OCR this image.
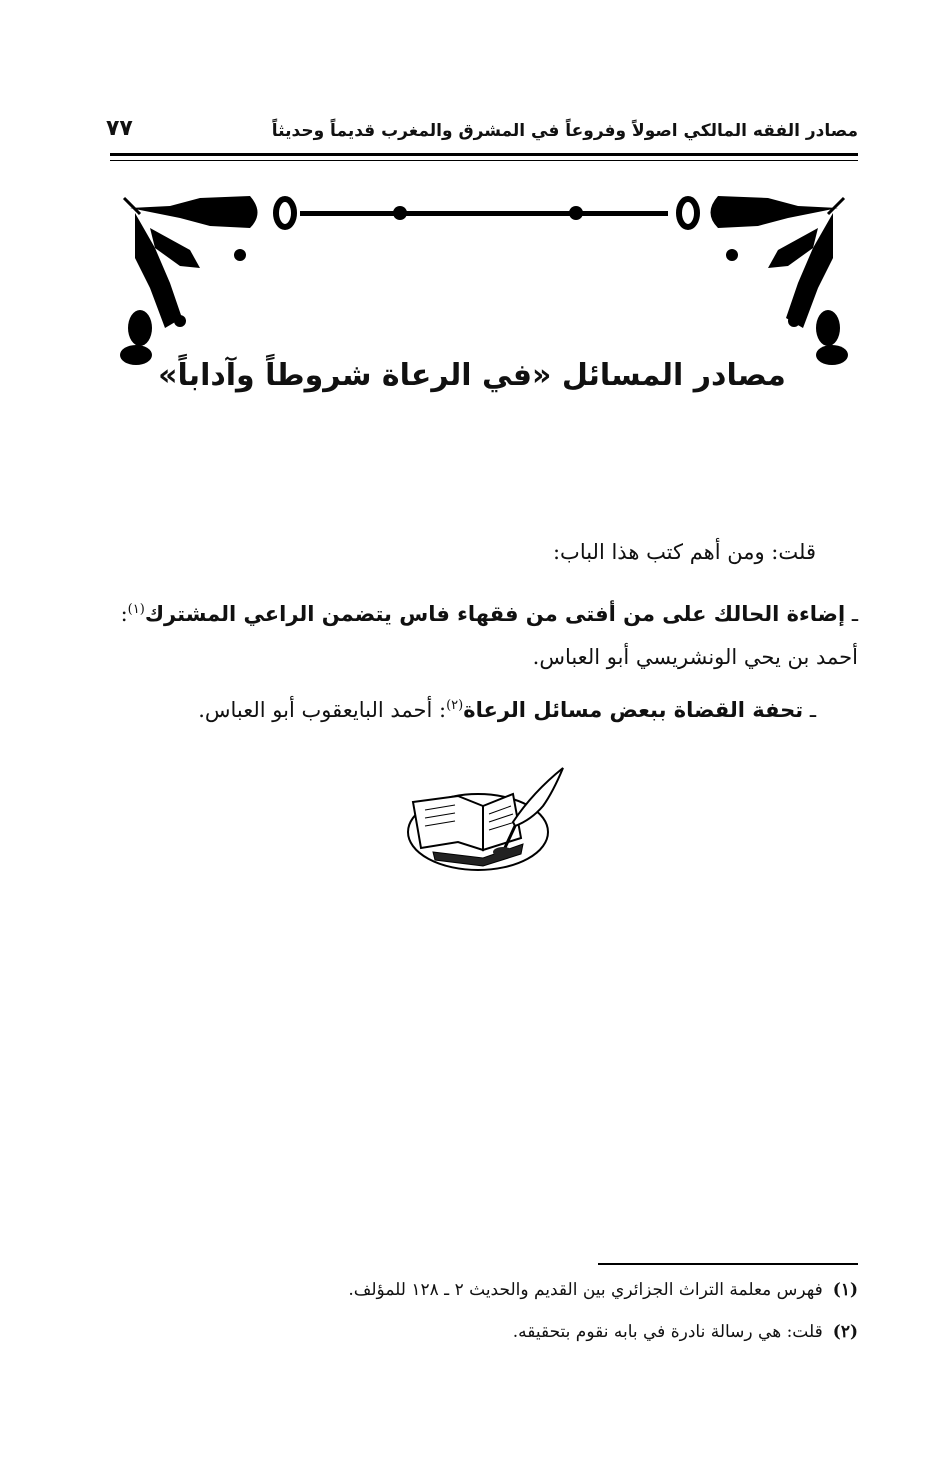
مصادر الفقه المالكي اصولاً وفروعاً في المشرق والمغرب قديماً وحديثاً
٧٧
مصادر المسائل «في الرعاة شروطاً وآداباً»
قلت: ومن أهم كتب هذا الباب:
ـ إضاءة الحالك على من أفتى من فقهاء فاس يتضمن الراعي المشترك$^{(١)}$: أحمد بن يحي الونشريسي أبو العباس.
ـ تحفة القضاة ببعض مسائل الرعاة$^{(٢)}$: أحمد البايعقوب أبو العباس.
(١)فهرس معلمة التراث الجزائري بين القديم والحديث ٢ ـ ١٢٨ للمؤلف.
(٢)قلت: هي رسالة نادرة في بابه نقوم بتحقيقه.
